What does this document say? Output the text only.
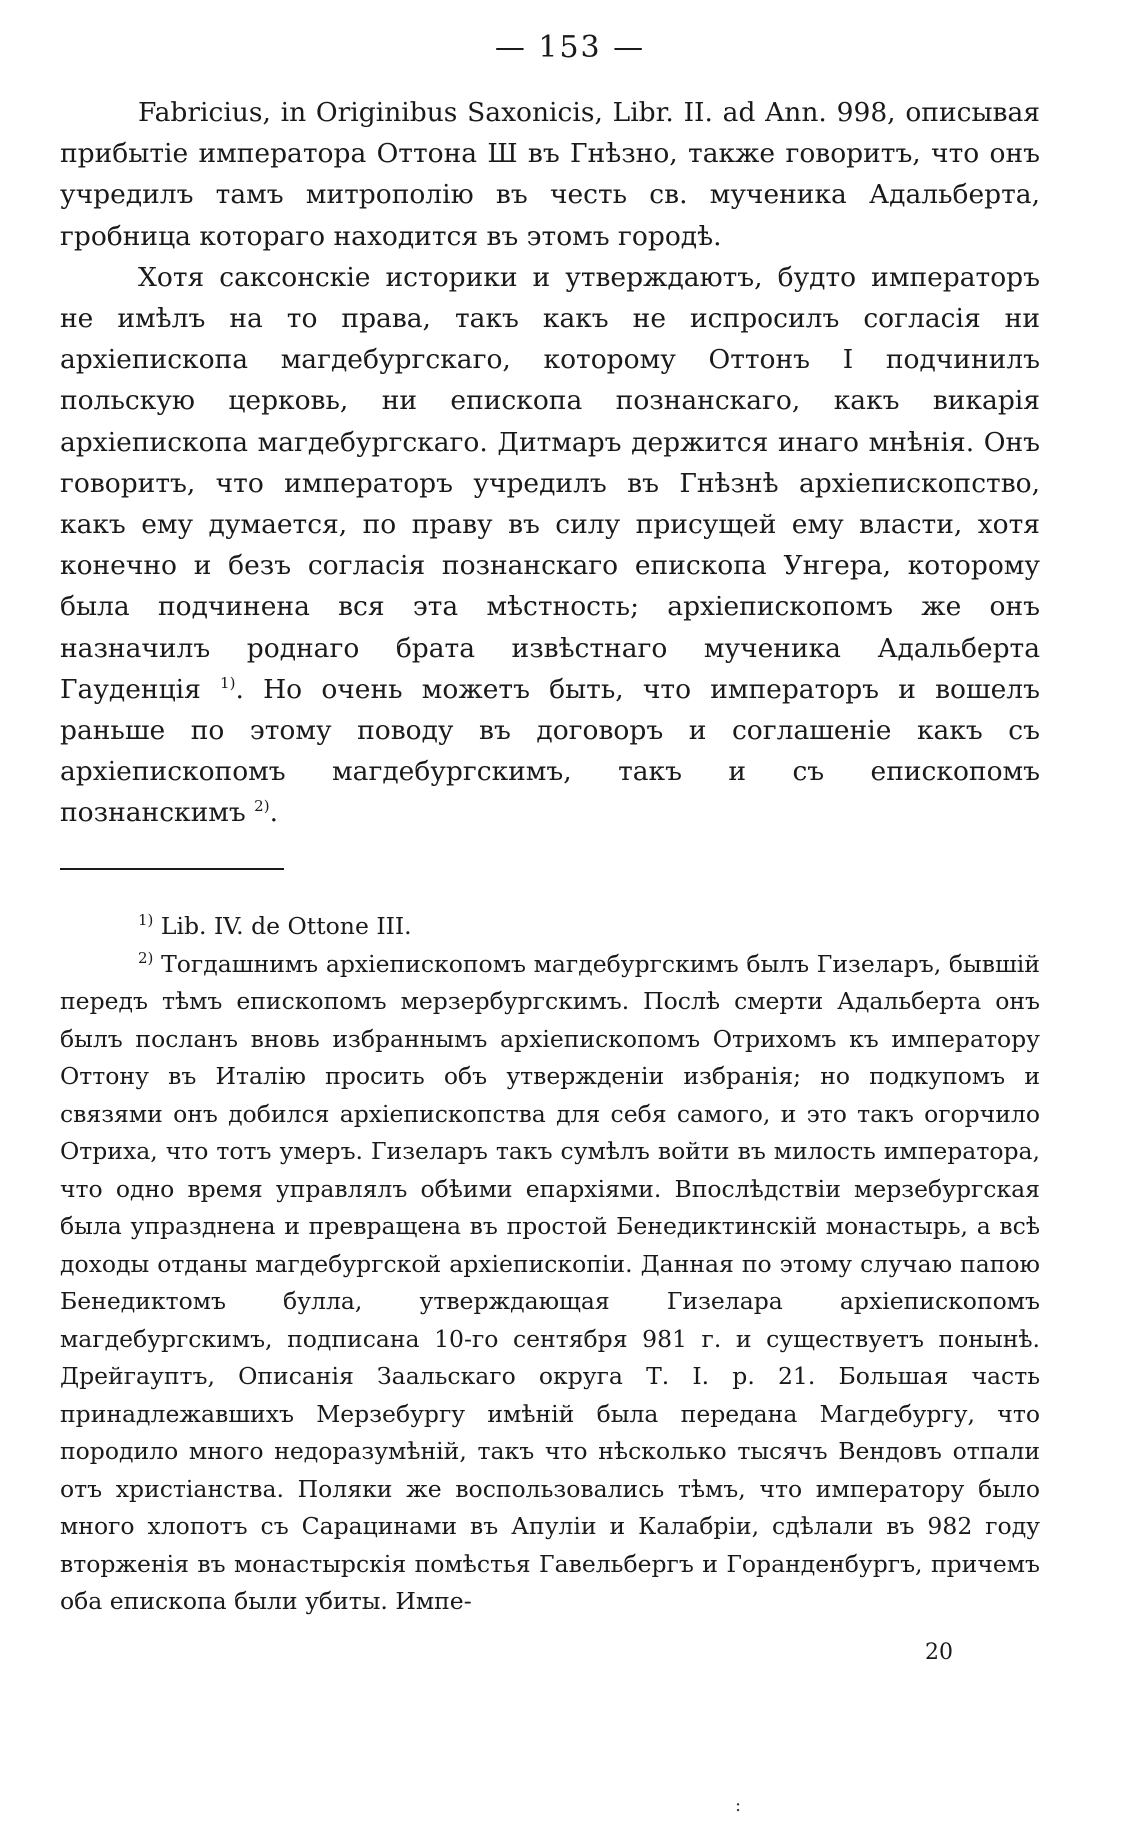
— 153 —

Fabricius, in Originibus Saxonicis, Libr. II. ad Ann. 998, описывая прибытіе императора Оттона Ш въ Гнѣзно, также говоритъ, что онъ учредилъ тамъ митрополію въ честь св. мученика Адальберта, гробница котораго находится въ этомъ городѣ.

Хотя саксонскіе историки и утверждаютъ, будто императоръ не имѣлъ на то права, такъ какъ не испросилъ согласія ни архіепископа магдебургскаго, которому Оттонъ I подчинилъ польскую церковь, ни епископа познанскаго, какъ викарія архіепископа магдебургскаго. Дитмаръ держится инаго мнѣнія. Онъ говоритъ, что императоръ учредилъ въ Гнѣзнѣ архіепископство, какъ ему думается, по праву въ силу присущей ему власти, хотя конечно и безъ согласія познанскаго епископа Унгера, которому была подчинена вся эта мѣстность; архіепископомъ же онъ назначилъ роднаго брата извѣстнаго мученика Адальберта Гауденція $^{1)}$. Но очень можетъ быть, что императоръ и вошелъ раньше по этому поводу въ договоръ и соглашеніе какъ съ архіепископомъ магдебургскимъ, такъ и съ епископомъ познанскимъ $^{2)}$.

$^{1)}$ Lib. IV. de Ottone III.

$^{2)}$ Тогдашнимъ архіепископомъ магдебургскимъ былъ Гизеларъ, бывшій передъ тѣмъ епископомъ мерзербургскимъ. Послѣ смерти Адальберта онъ былъ посланъ вновь избраннымъ архіепископомъ Отрихомъ къ императору Оттону въ Италію просить объ утвержденіи избранія; но подкупомъ и связями онъ добился архіепископства для себя самого, и это такъ огорчило Отриха, что тотъ умеръ. Гизеларъ такъ сумѣлъ войти въ милость императора, что одно время управлялъ обѣими епархіями. Впослѣдствіи мерзебургская была упразднена и превращена въ простой Бенедиктинскій монастырь, а всѣ доходы отданы магдебургской архіепископіи. Данная по этому случаю папою Бенедиктомъ булла, утверждающая Гизелара архіепископомъ магдебургскимъ, подписана 10-го сентября 981 г. и существуетъ понынѣ. Дрейгауптъ, Описанія Заальскаго округа Т. I. р. 21. Большая часть принадлежавшихъ Мерзебургу имѣній была передана Магдебургу, что породило много недоразумѣній, такъ что нѣсколько тысячъ Вендовъ отпали отъ христіанства. Поляки же воспользовались тѣмъ, что императору было много хлопотъ съ Сарацинами въ Апуліи и Калабріи, сдѣлали въ 982 году вторженія въ монастырскія помѣстья Гавельбергъ и Горанденбургъ, причемъ оба епископа были убиты. Импе-

20
:
